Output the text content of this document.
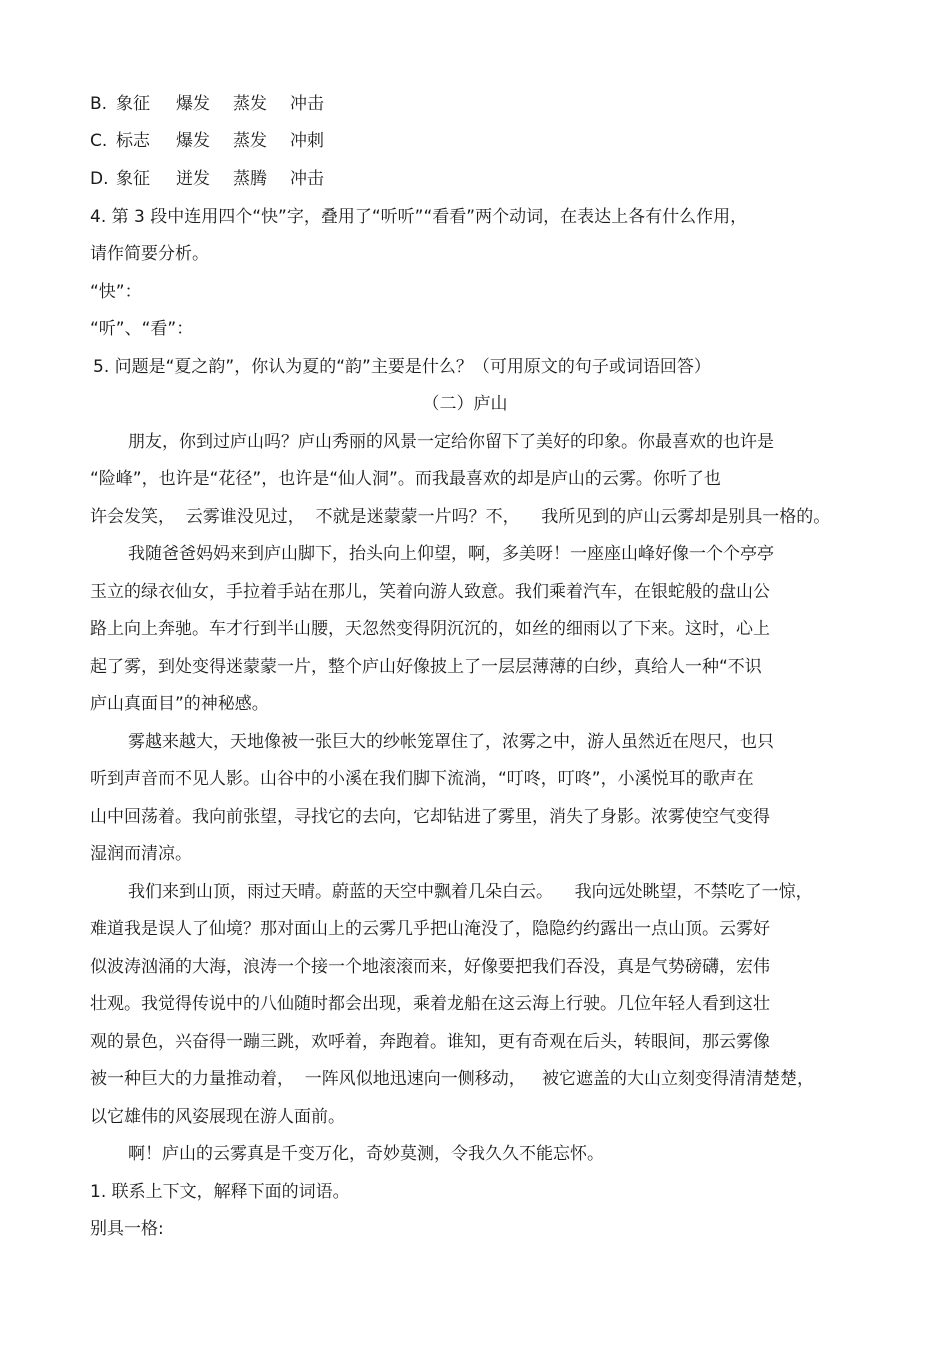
B. 象征 爆发 蒸发 冲击
C. 标志 爆发 蒸发 冲刺
D. 象征 迸发 蒸腾 冲击
4. 第 3 段中连用四个“快”字，叠用了“听听”“看看”两个动词，在表达上各有什么作用，
请作简要分析。
“快”：
“听”、“看”：
5. 问题是“夏之韵”，你认为夏的“韵”主要是什么？（可用原文的句子或词语回答）
（二）庐山
朋友，你到过庐山吗？庐山秀丽的风景一定给你留下了美好的印象。你最喜欢的也许是
“险峰”，也许是“花径”，也许是“仙人洞”。而我最喜欢的却是庐山的云雾。你听了也
许会发笑，  云雾谁没见过，  不就是迷蒙蒙一片吗？不，    我所见到的庐山云雾却是别具一格的。
我随爸爸妈妈来到庐山脚下，抬头向上仰望，啊，多美呀！一座座山峰好像一个个亭亭
玉立的绿衣仙女，手拉着手站在那儿，笑着向游人致意。我们乘着汽车，在银蛇般的盘山公
路上向上奔驰。车才行到半山腰，天忽然变得阴沉沉的，如丝的细雨以了下来。这时，心上
起了雾，到处变得迷蒙蒙一片，整个庐山好像披上了一层层薄薄的白纱，真给人一种“不识
庐山真面目”的神秘感。
雾越来越大，天地像被一张巨大的纱帐笼罩住了，浓雾之中，游人虽然近在咫尺，也只
听到声音而不见人影。山谷中的小溪在我们脚下流淌，“叮咚，叮咚”，小溪悦耳的歌声在
山中回荡着。我向前张望，寻找它的去向，它却钻进了雾里，消失了身影。浓雾使空气变得
湿润而清凉。
我们来到山顶，雨过天晴。蔚蓝的天空中飘着几朵白云。    我向远处眺望，不禁吃了一惊，
难道我是误人了仙境？那对面山上的云雾几乎把山淹没了，隐隐约约露出一点山顶。云雾好
似波涛汹涌的大海，浪涛一个接一个地滚滚而来，好像要把我们吞没，真是气势磅礴，宏伟
壮观。我觉得传说中的八仙随时都会出现，乘着龙船在这云海上行驶。几位年轻人看到这壮
观的景色，兴奋得一蹦三跳，欢呼着，奔跑着。谁知，更有奇观在后头，转眼间，那云雾像
被一种巨大的力量推动着，  一阵风似地迅速向一侧移动，   被它遮盖的大山立刻变得清清楚楚，
以它雄伟的风姿展现在游人面前。
啊！庐山的云雾真是千变万化，奇妙莫测，令我久久不能忘怀。
1. 联系上下文，解释下面的词语。
别具一格:
